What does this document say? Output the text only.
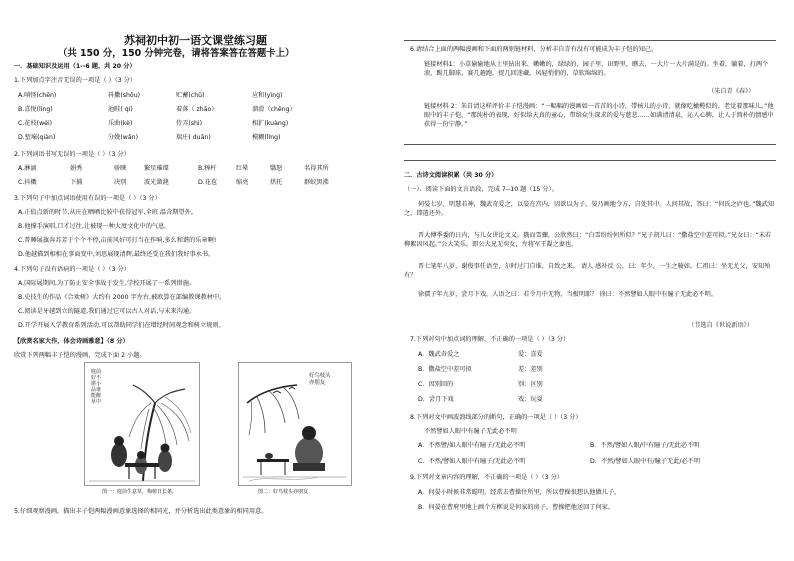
苏祠初中初一语文课堂练习题
（共 150 分，150 分钟完卷，请将答案答在答题卡上）
一．基础知识及运用（1--6 题，共 20 分）
1.下列加点字注音无误的一项是（ ）（3 分）
A.嗔怪(chēn)	抖擞(shǒu)	贮蓄(chǔ)	应和(yìng)
B.喜悦(lìng)	池畦( qí)	着落（ zhāo）	溜滑（chěng）
C.花枝(wéi)	乐曲(kè)	侍弄(shì)	相扩(kuàng)
D.堑壕(qiàn)	分娩(wǎn)	瑞庄( duān)	模糊(líng)
2.下列词语书写无误的一项是（ ）（3 分）
A.淋漓	娟秀	骄睐	繁星璀璨	B.棒杆	红晕	翳怒	名得其所
C.抖擞	下捕	决别	波光潋滟	D.花苞	缩亮	烘托	群蚁黑沸
3.下列句子中加点词语使用有误的一项是（ ）（3 分）
A.正值点新的时节,从庄在晒晒比较中获得冠军,全班 温含期望外。
B.他撑手演唱,口才过往,让被现一种大度文化中的气息。
C.普睡展旗奔苏芳于个个不停,亩前风好可打当在作响,多么和谐的乐章啊!
D.他越描到相相在事面变中,刘思展现清辉,最终还受在我们我好事永书。
4.下列句子没有语病的一项是（ ）（3 分）
A.国际展期间,为了防止安全事故于发生,学校开展了一系列措施。
B.史技生的作品《合欢树》大约有 2000 字左右,被欧算在部编教课教材中。
C.阅读是牙越到立的隧道,我们通过它可以古人对话,与未来沟通。
D.开学开展入学教育系列活动,可以帮助同学们在增经时间观念和树立规则。
【欣赏名家大作，体会诗画雅意】（8 分）
欣赏下列两幅丰子恺的漫画，完成下面 2 小题。
庭前好不堪小品谁能醉草中
图一：庭前生意草，梅植日长条。
好鸟枝头亦朋友
图二：好鸟枝头亦朋友
5.仔细观察漫画，描出丰子恺两幅漫画意象选择的相同光，并分析选出此类意象的相同用意。
6.请结合上面的两幅漫画和下面的两则链材料，分析丰自青有没有可能成为丰子恺的知己。
链接材料1：小草偷偷地从土里钻出来，嫩嫩的，绿绿的，园子里，田野里，瞧去，一大片一大片满是的。坐着，躺着，打两个滚，踢几脚球，赛几趟跑，捉几回迷藏。风轻悄悄的，草软绵绵的。
（朱自青《春》）
链接材料 2：朱自清这样评价丰子恺漫画：“一幅幅的漫画如一首首的小诗，带核儿的小诗，就像吃橄榄似的，老觉着那味儿。”他眼中的丰子恺，“那纯朴的表现，好似给天真的童心，带给众生深求的爱与慈悲……如满清清泉，沁人心脾，让人于简朴的情感中获得一份宁静。”
二．古诗文阅读积累（共 30 分）
（一）．阅读下面的文言语段，完成 7--10 题（15 分）。
何晏七岁，明慧若神，魏武奇爱之，以晏在宫内，因欲以为子。晏乃画地令方，自处其中。人问其故，答曰：“何氏之庐也。”魏武知之，即遣还外。
晋大傅季委的日内，与儿女讲论文义。俄而雪骤，公欣然曰：“白雪纷纷何所似？”兄子胡儿曰：“撒盐空中差可拟。”兄女曰：“未若柳絮因风起。”公大笑乐。即公大兄无奕女，左将军王凝之妻也。
晋七笔年八岁，谢俊事任语至，尔时过门自谁，自致之来。 请人 感补反 公，曰：年少，一生之骑如。仁祖曰：坐无尤父，安知殆有？
徐孺子年九岁，尝月下戏，人语之曰：若令月中无物，当极明耶？ 徐曰：不然譬如人眼中有瞳子无此必不明。
（节选自《世说新语》）
7.下列对句中加点词的理解，不正确的一项是（ ）（3 分）
A．魏武奇爱之	爱：喜爱
B．撒盐空中差可拟	差：差别
C．因别回的	别：区别
D．尝月下戏	戏：玩耍
8.下列对文中画波浪线部分的断句，正确的一项是（ ）（3 分）
不然譬如人眼中有瞳子无此必不明
A．不然譬/如人眼中有瞳子/无此必不明	B．不然/譬如人眼/中有瞳子/无此必不明
C．不然/譬如人眼中有瞳子/无此必不明	D．不然/譬如人眼中有/瞳子无此/必不明
9.下列对文章内容的理解，不正确的一项是（ ）（3 分）
A．何晏小时候非常聪明，经常去曹操住所里，所以曹操很想认他做儿子。
B．何晏在曹府里地上画个方框说是何家的房子，曹操把他送回了何家。
